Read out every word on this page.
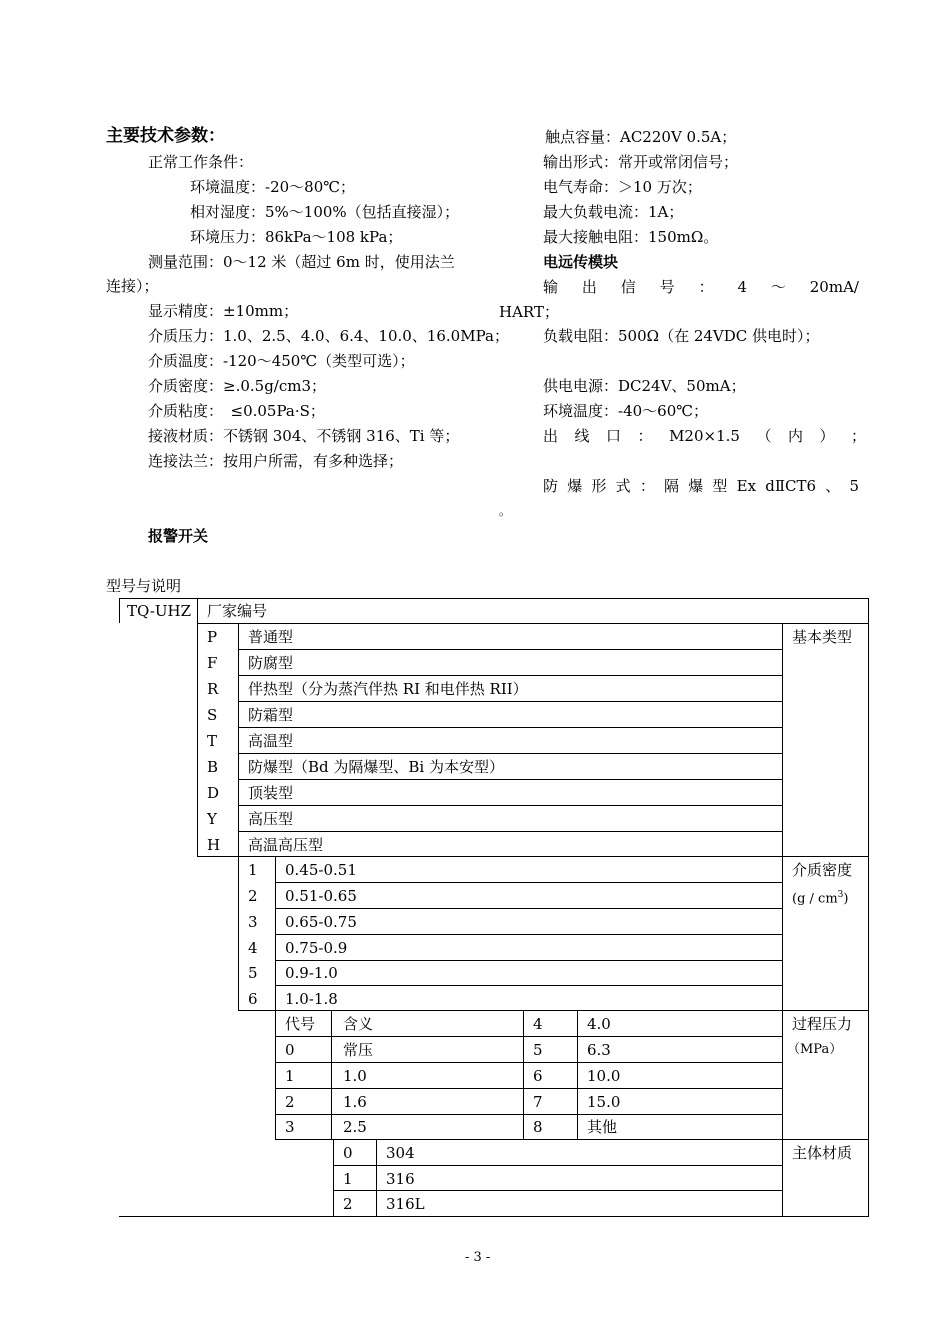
主要技术参数：
正常工作条件：
环境温度：-20～80℃；
相对湿度：5%～100%（包括直接湿）；
环境压力：86kPa～108 kPa；
测量范围：0～12 米（超过 6m 时，使用法兰
连接）；
显示精度：±10mm；
介质压力：1.0、2.5、4.0、6.4、10.0、16.0MPa；
介质温度：-120～450℃（类型可选）；
介质密度：≥.0.5g/cm3；
介质粘度：　≤0.05Pa·S；
接液材质：不锈钢 304、不锈钢 316、Ti 等；
连接法兰：按用户所需，有多种选择；
报警开关
型号与说明
触点容量：AC220V 0.5A；
输出形式：常开或常闭信号；
电气寿命：＞10 万次；
最大负载电流：1A；
最大接触电阻：150mΩ。
电远传模块
输 出 信 号 ： 4 ～ 20mA/
HART；
负载电阻：500Ω（在 24VDC 供电时）；
供电电源：DC24V、50mA；
环境温度：-40～60℃；
出 线 口 ： M20×1.5 （ 内 ） ；
防 爆 形 式 ： 隔 爆 型 Ex dⅡCT6 、 5
。
TQ-UHZ 厂家编号
P 普通型
F 防腐型
R 伴热型（分为蒸汽伴热 RI 和电伴热 RII）
S 防霜型
T 高温型
B 防爆型（Bd 为隔爆型、Bi 为本安型）
D 顶装型
Y 高压型
H 高温高压型
基本类型
1 0.45-0.51
2 0.51-0.65
3 0.65-0.75
4 0.75-0.9
5 0.9-1.0
6 1.0-1.8
介质密度
$(g / cm^3)$
代号 含义	4	4.0
0	常压	5	6.3
1	1.0	6	10.0
2	1.6	7	15.0
3	2.5	8	其他
过程压力
（MPa）
0 304
1 316
2 316L
主体材质
- 3 -
